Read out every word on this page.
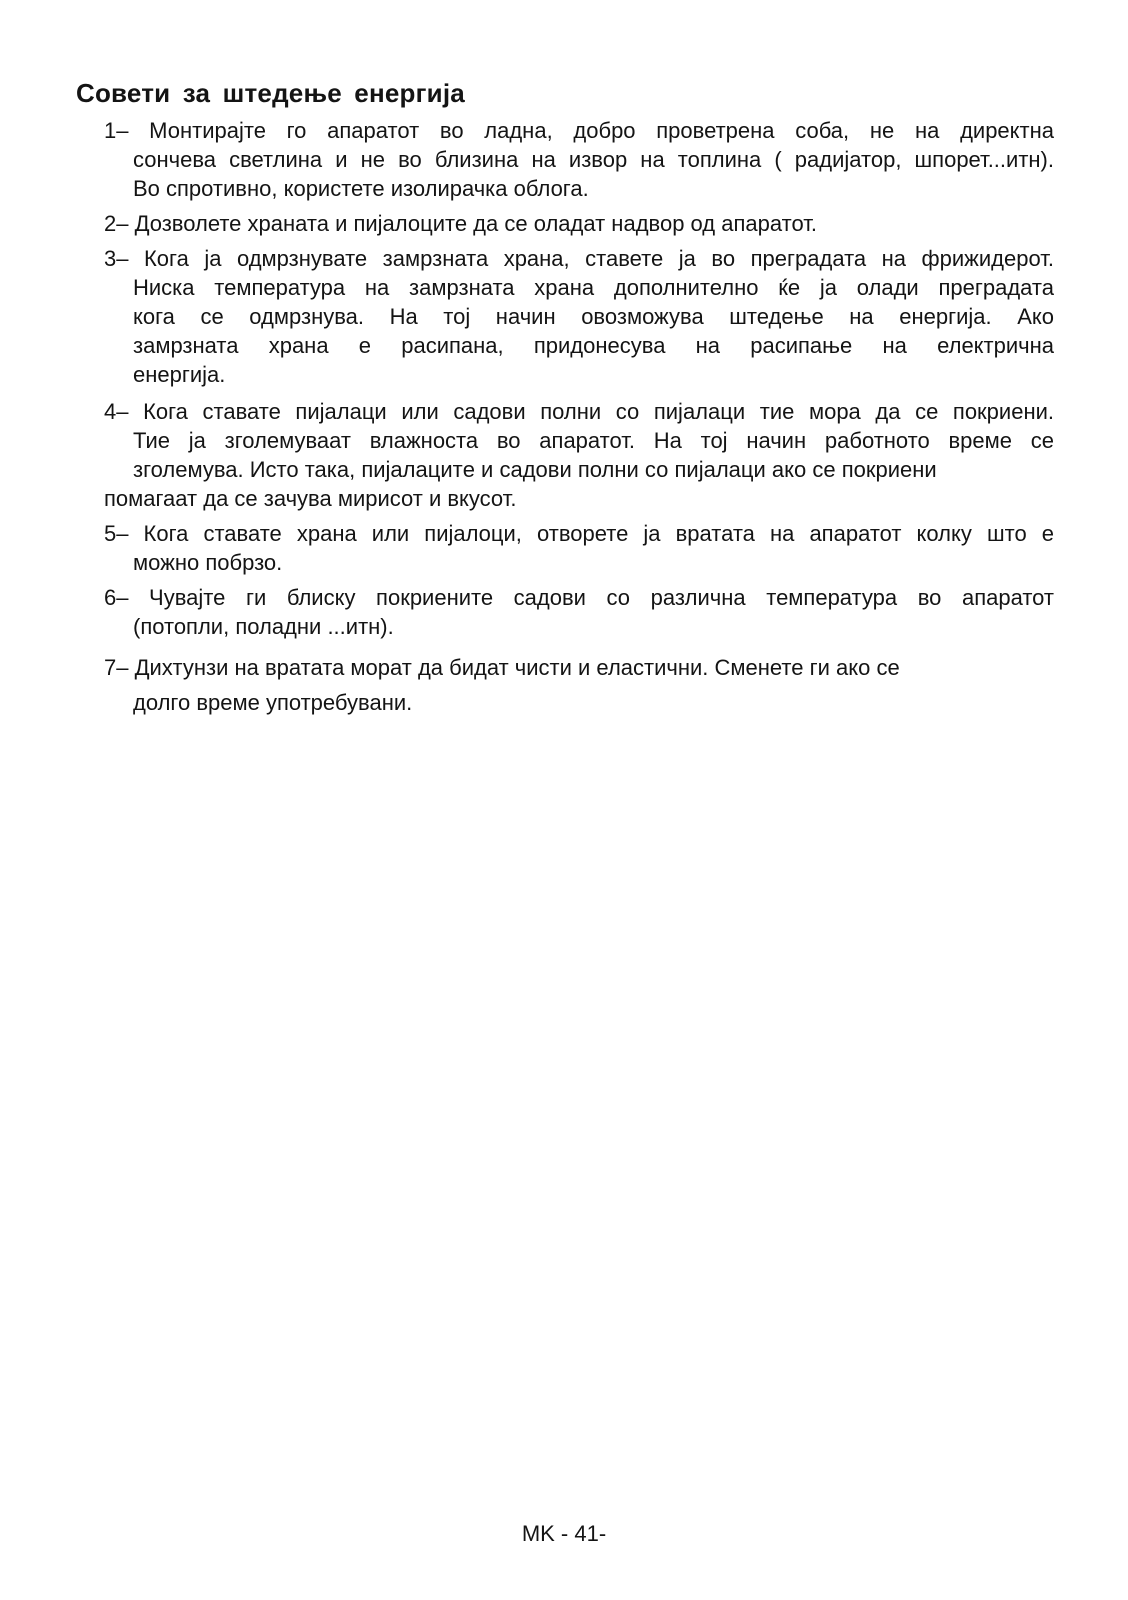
Совети за штедење енергија
1– Монтирајте го апаратот во ладна, добро проветрена соба, не на директна
сончева светлина и не во близина на извор на топлина ( радијатор, шпорет...итн).
Во спротивно, користете изолирачка облога.
2– Дозволете храната и пијалоците да се оладат надвор од апаратот.
3– Кога ја одмрзнувате замрзната храна, ставете ја во преградата на фрижидерот.
Ниска температура на замрзната храна дополнително ќе ја олади преградата
кога се одмрзнува. На тој начин овозможува штедење на енергија. Ако
замрзната храна е расипана, придонесува на расипање на електрична
енергија.
4– Кога ставате пијалаци или садови полни со пијалаци тие мора да се покриени.
Тие ја зголемуваат влажноста во апаратот. На тој начин работното време се
зголемува. Исто така, пијалацитe и садови полни со пијалаци ако се покриени
помагаат да се зачува мирисот и вкусот.
5– Кога ставате храна или пијалоци, отворете ја вратата на апаратот колку што е
можно побрзо.
6– Чувајте ги блиску покриените садови со различна температура во апаратот
(потопли, поладни ...итн).
7– Дихтунзи на вратата морат да бидат чисти и еластични. Сменете ги ако се
долго време употребувани.
MK - 41-
